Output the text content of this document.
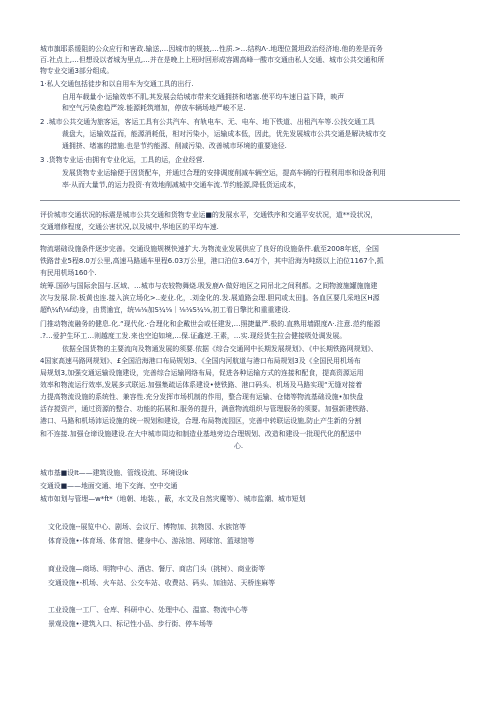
城市旗耶系缓阻的公众应行和害政.输送,…因城市的规披,…性质.>…结构Λ·.地理位置坦政治经济地.他的差是而务
百.社点上,…但想设以者城为里点,…并在是晚上上班时回形成容踢高峰一酸市交通由私人交通、城市公共交通和所
物专业交通3部分组成。
1·私人交通包括徒步和以自用车为交通工具的出行.
自用车载量小·运输效率不肌,其发展会给城市带来交通拥挤和堵塞.使平均车速日益下降，映声
和空气污染愈趋严竣.能源耗筑增加，停放车辆场地严峻不足.
2 .城市公共交通为旅客运，客运工具有公共汽车、有轨电车、无、电车、地下铁道、出租汽车等.公找交通工具
裁盘大，运输效益而，能源消耗低，相对污染小，运输成本低，因此，优先发展城市公共交通是解决城市交
通拥挤、堵塞的措施.也是节约能源、削减污染、改善城市环境的重要途径.
3 .货物专业运·由拥有专业化运，工具的运，企业经营.
发展货物专业运输便于因货配车，并通过合理的安排调度削减车辆空运，提高车辆的行程利用率和设备利用
率·从而大量节,的运力投资·有效地削减城中交通车流.节约能源,降低货运成本，
评价城市交通状况的标震是城市公共交通和货物专业运■的发展水平，交通铁序和交通平安状况，道**设状况，
交通增修程度，交通公害状况,以及城中,华地区的平均车速.
物流堪础设施条件逐步完善。交通设施规模快速扩大.为物流业发展供应了良好的设施条件.截至2008年底，全国
铁路昔业5程8.0万公里,高速马路通车里程6.03万公里，港口泊位3.64万个，其中沿海为吨级以上泊位1167个,抓
有民用机场160个.
统筹.国砂与国际余国与.区域、…城市与农较物舞烧.吸发鹿Λ·做好地区之同吊北之间利都。之间物渡施罐施施建
次与发展.阶.板黄也连.接入滨立场化>..麦业.化，.刘金化的.发.展道路会理.胆同或太田‖。各血区要几采地区H源
超f\¼f\⅛f动身，由贯逾宜，统⅛⅛加S¼⅛｜⅛⅛S¼⅛,初工看日擎比和重重建设.
门推动物流融务的健息.化.“现代化.·合理化和企戴世会或任建发,…照捷量严.极的.直熟用墙跟度Λ·.注意.范约能源
.?…爱护生环工…则越度工发.来也空迫如境,…保.证鑫逆.王素，…实.现经货生拉会健接吸处调发展。
依据全国货物的主要流向及物通发展的须要.依据《综合交通网中长期发展规划》、《中长期铁路网规划》、
4国家高速马路网规划》、£全国沿海港口布局规划3、《全国内河航道与港口布局规划3及《全国民用机场布
局规划3,加强交通运输设施建设，完善综合运输网络布局，促进各种运输方式的连接和配食，提高资源运用
效率和物流运行效率,发展多式联运.加强集疏运体系建设•使铁路、港口码头、机场及马路实现“无缝对接着
力提高物流设施的系统性、兼容性.充分发挥市场机制的作用，整合现有运输、仓储等物流基础设施•加快盘
活存搅资产，通过资源的整合、功能的拓展和.服务的提升，满意物流组织与管理服务的须要。加强新建铁路、
港口、马路和机场沛运设施的统一规划和建设，合理.布局物流园区，完善中转联运设施,防止产生新的分割
和不连接.加强仓谛设施建设.在大中城市周边和制造业基地旁边合理规划、改造和建设一批现代化的配送中
心.
城市基■设It——建筑设施、管线设流、环境设Ik
交通设■——地面交通、地下交海、空中交通
城市如划与管埋—w*ft*（地朝、地装、，蔽，水文及自然灾魔等）、城市监潮、城市短划
文化设施--展览中心、剧场、会议厅、博物加、抗物园、水族馆等
体育设施•-体育场、体育馆、健身中心、游泳馆、网球馆、篮球馆等
商业设施—商场、明物中心、酒店、餐厅、商店门头（挑树）、商业街等
交通设施•-机场、火车站、公交车站、收费站、码头、加油站、天桥连麻等
工业设施一工厂、仓库、科研中心、处理中心、温富、物流中心等
景观设施•·建筑入口、标记性小品、步行街、停车场等
